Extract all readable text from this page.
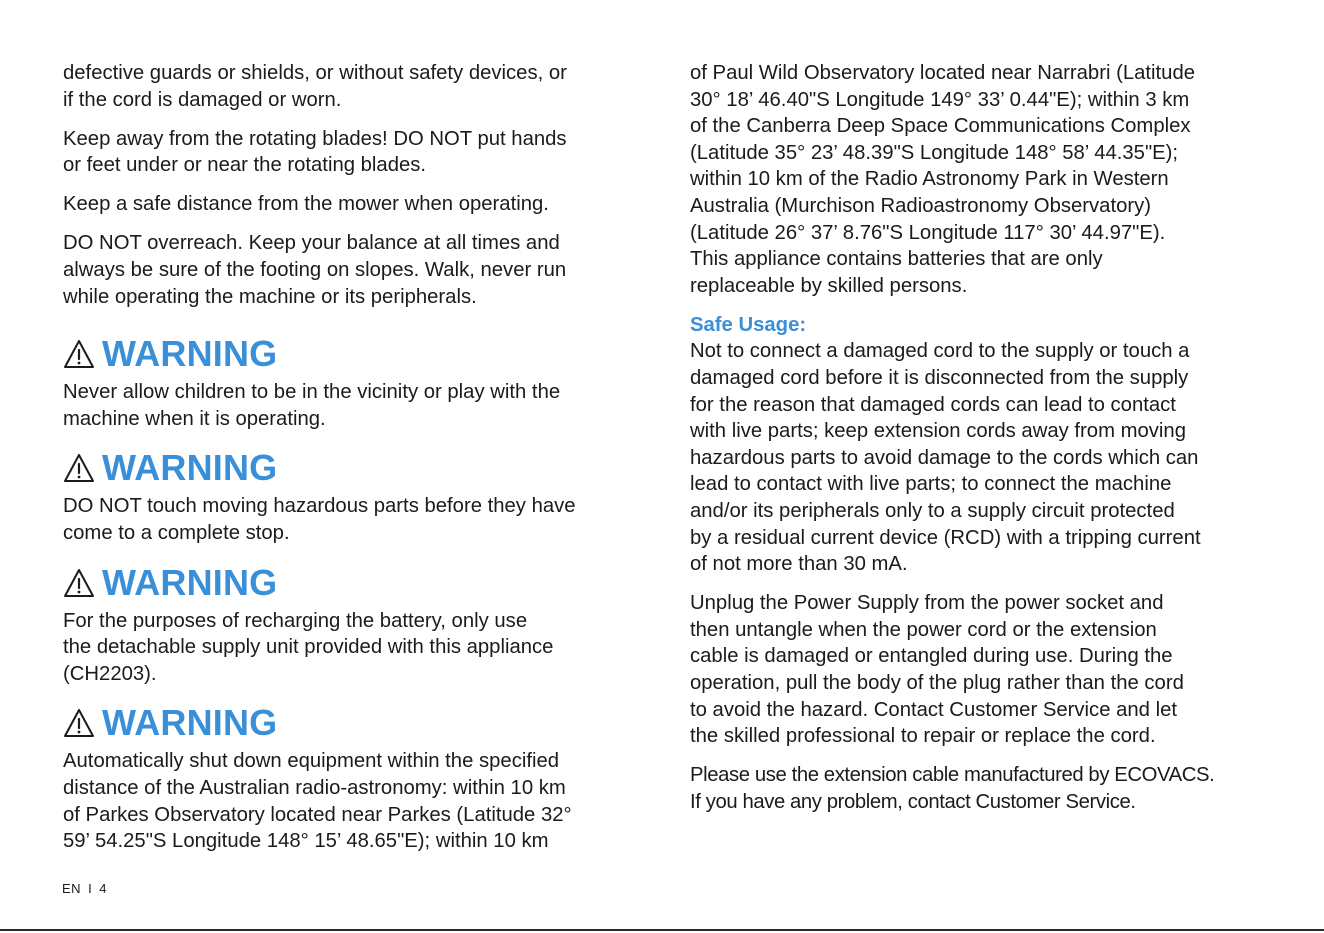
defective guards or shields, or without safety devices, or
if the cord is damaged or worn.

Keep away from the rotating blades! DO NOT put hands
or feet under or near the rotating blades.

Keep a safe distance from the mower when operating.

DO NOT overreach. Keep your balance at all times and
always be sure of the footing on slopes. Walk, never run
while operating the machine or its peripherals.

WARNING

Never allow children to be in the vicinity or play with the
machine when it is operating.

WARNING

DO NOT touch moving hazardous parts before they have
come to a complete stop.

WARNING

For the purposes of recharging the battery, only use
the detachable supply unit provided with this appliance
(CH2203).

WARNING

Automatically shut down equipment within the specified
distance of the Australian radio-astronomy: within 10 km
of Parkes Observatory located near Parkes (Latitude 32°
59’ 54.25"S Longitude 148° 15’ 48.65"E); within 10 km

of Paul Wild Observatory located near Narrabri (Latitude
30° 18’ 46.40"S Longitude 149° 33’ 0.44"E); within 3 km
of the Canberra Deep Space Communications Complex
(Latitude 35° 23’ 48.39"S Longitude 148° 58’ 44.35"E);
within 10 km of the Radio Astronomy Park in Western
Australia (Murchison Radioastronomy Observatory)
(Latitude 26° 37’ 8.76"S Longitude 117° 30’ 44.97"E).
This appliance contains batteries that are only
replaceable by skilled persons.

Safe Usage:

Not to connect a damaged cord to the supply or touch a
damaged cord before it is disconnected from the supply
for the reason that damaged cords can lead to contact
with live parts; keep extension cords away from moving
hazardous parts to avoid damage to the cords which can
lead to contact with live parts; to connect the machine
and/or its peripherals only to a supply circuit protected
by a residual current device (RCD) with a tripping current
of not more than 30 mA.

Unplug the Power Supply from the power socket and
then untangle when the power cord or the extension
cable is damaged or entangled during use. During the
operation, pull the body of the plug rather than the cord
to avoid the hazard. Contact Customer Service and let
the skilled professional to repair or replace the cord.

Please use the extension cable manufactured by ECOVACS.
If you have any problem, contact Customer Service.

EN I 4
